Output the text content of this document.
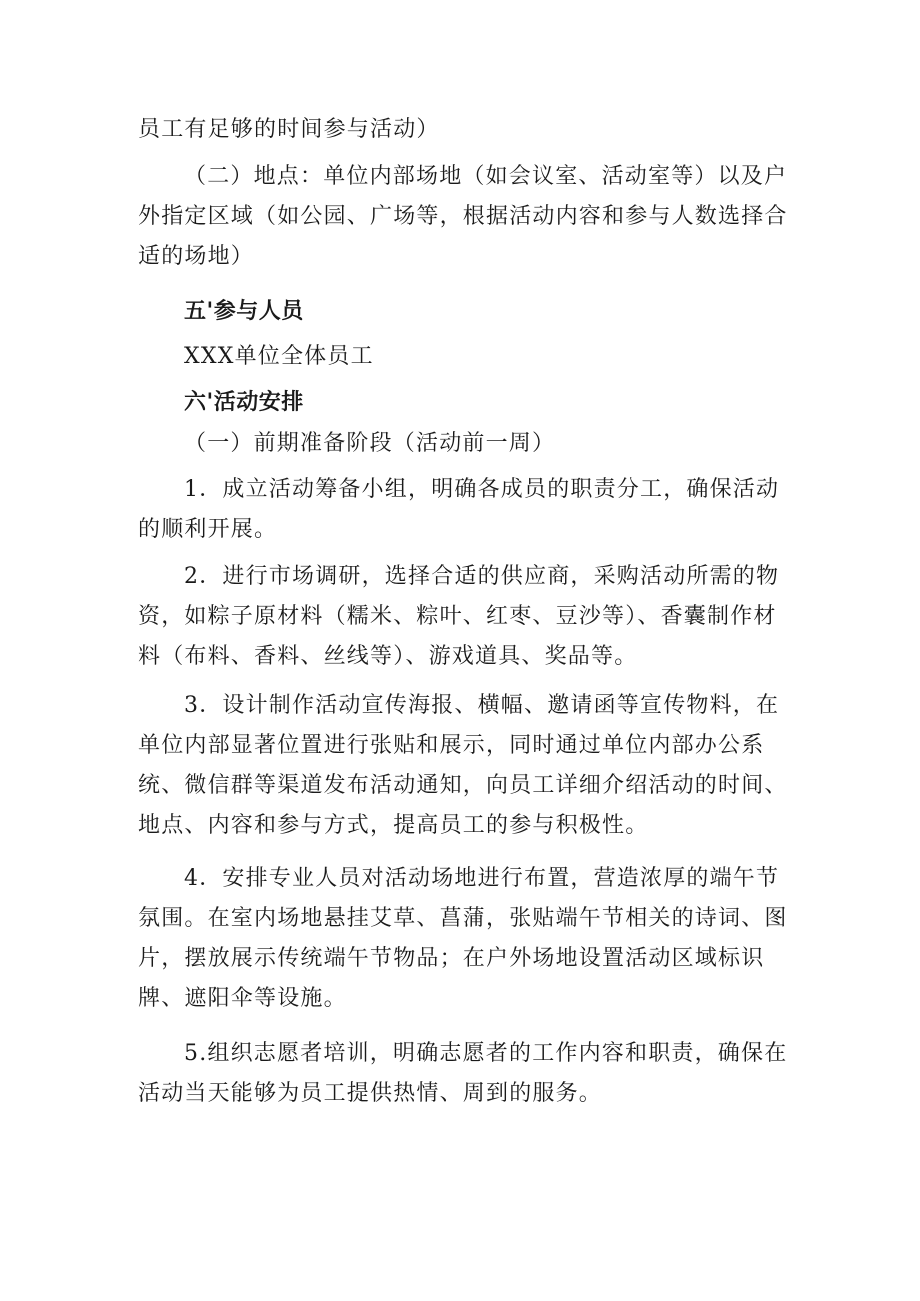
员工有足够的时间参与活动）

（二）地点：单位内部场地（如会议室、活动室等）以及户外指定区域（如公园、广场等，根据活动内容和参与人数选择合适的场地）

五'参与人员

XXX单位全体员工

六'活动安排

（一）前期准备阶段（活动前一周）

1．成立活动筹备小组，明确各成员的职责分工，确保活动的顺利开展。

2．进行市场调研，选择合适的供应商，采购活动所需的物资，如粽子原材料（糯米、粽叶、红枣、豆沙等）、香囊制作材料（布料、香料、丝线等）、游戏道具、奖品等。

3．设计制作活动宣传海报、横幅、邀请函等宣传物料，在单位内部显著位置进行张贴和展示，同时通过单位内部办公系统、微信群等渠道发布活动通知，向员工详细介绍活动的时间、地点、内容和参与方式，提高员工的参与积极性。

4．安排专业人员对活动场地进行布置，营造浓厚的端午节氛围。在室内场地悬挂艾草、菖蒲，张贴端午节相关的诗词、图片，摆放展示传统端午节物品；在户外场地设置活动区域标识牌、遮阳伞等设施。

5.组织志愿者培训，明确志愿者的工作内容和职责，确保在活动当天能够为员工提供热情、周到的服务。
